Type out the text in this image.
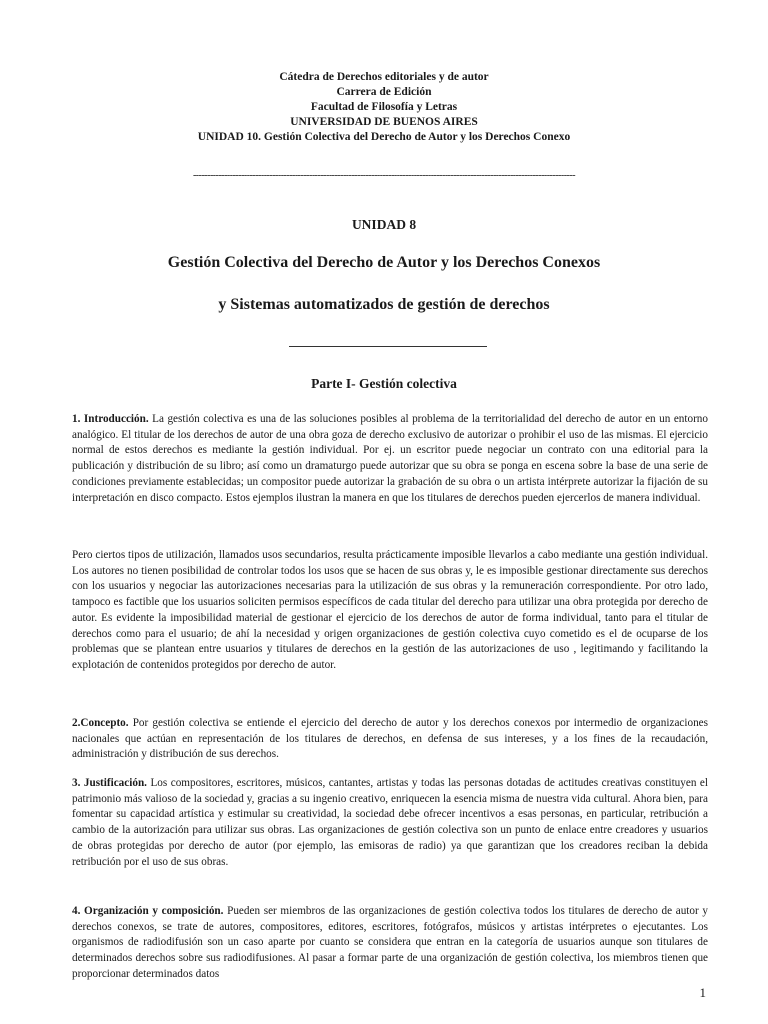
Cátedra de Derechos editoriales y de autor
Carrera de Edición
Facultad de Filosofía y Letras
UNIVERSIDAD DE BUENOS AIRES
UNIDAD 10. Gestión Colectiva del Derecho de Autor y los Derechos Conexo
---------------------------------------------------------------------------------------------------------------------------------------
UNIDAD 8
Gestión Colectiva del Derecho de Autor y los Derechos Conexos
y Sistemas automatizados de gestión de derechos
Parte I- Gestión colectiva

1. Introducción. La gestión colectiva es una de las soluciones posibles al problema de la territorialidad del derecho de autor en un entorno analógico. El titular de los derechos de autor de una obra goza de derecho exclusivo de autorizar o prohibir el uso de las mismas. El ejercicio normal de estos derechos es mediante la gestión individual. Por ej. un escritor puede negociar un contrato con una editorial para la publicación y distribución de su libro; así como un dramaturgo puede autorizar que su obra se ponga en escena sobre la base de una serie de condiciones previamente establecidas; un compositor puede autorizar la grabación de su obra o un artista intérprete autorizar la fijación de su interpretación en disco compacto. Estos ejemplos ilustran la manera en que los titulares de derechos pueden ejercerlos de manera individual.

Pero ciertos tipos de utilización, llamados usos secundarios, resulta prácticamente imposible llevarlos a cabo mediante una gestión individual. Los autores no tienen posibilidad de controlar todos los usos que se hacen de sus obras y, le es imposible gestionar directamente sus derechos con los usuarios y negociar las autorizaciones necesarias para la utilización de sus obras y la remuneración correspondiente. Por otro lado, tampoco es factible que los usuarios soliciten permisos específicos de cada titular del derecho para utilizar una obra protegida por derecho de autor. Es evidente la imposibilidad material de gestionar el ejercicio de los derechos de autor de forma individual, tanto para el titular de derechos como para el usuario; de ahí la necesidad y origen organizaciones de gestión colectiva cuyo cometido es el de ocuparse de los problemas que se plantean entre usuarios y titulares de derechos en la gestión de las autorizaciones de uso , legitimando y facilitando la explotación de contenidos protegidos por derecho de autor.

2.Concepto. Por gestión colectiva se entiende el ejercicio del derecho de autor y los derechos conexos por intermedio de organizaciones nacionales que actúan en representación de los titulares de derechos, en defensa de sus intereses, y a los fines de la recaudación, administración y distribución de sus derechos.

3. Justificación. Los compositores, escritores, músicos, cantantes, artistas y todas las personas dotadas de actitudes creativas constituyen el patrimonio más valioso de la sociedad y, gracias a su ingenio creativo, enriquecen la esencia misma de nuestra vida cultural. Ahora bien, para fomentar su capacidad artística y estimular su creatividad, la sociedad debe ofrecer incentivos a esas personas, en particular, retribución a cambio de la autorización para utilizar sus obras. Las organizaciones de gestión colectiva son un punto de enlace entre creadores y usuarios de obras protegidas por derecho de autor (por ejemplo, las emisoras de radio) ya que garantizan que los creadores reciban la debida retribución por el uso de sus obras.

4. Organización y composición. Pueden ser miembros de las organizaciones de gestión colectiva todos los titulares de derecho de autor y derechos conexos, se trate de autores, compositores, editores, escritores, fotógrafos, músicos y artistas intérpretes o ejecutantes. Los organismos de radiodifusión son un caso aparte por cuanto se considera que entran en la categoría de usuarios aunque son titulares de determinados derechos sobre sus radiodifusiones. Al pasar a formar parte de una organización de gestión colectiva, los miembros tienen que proporcionar determinados datos

1
